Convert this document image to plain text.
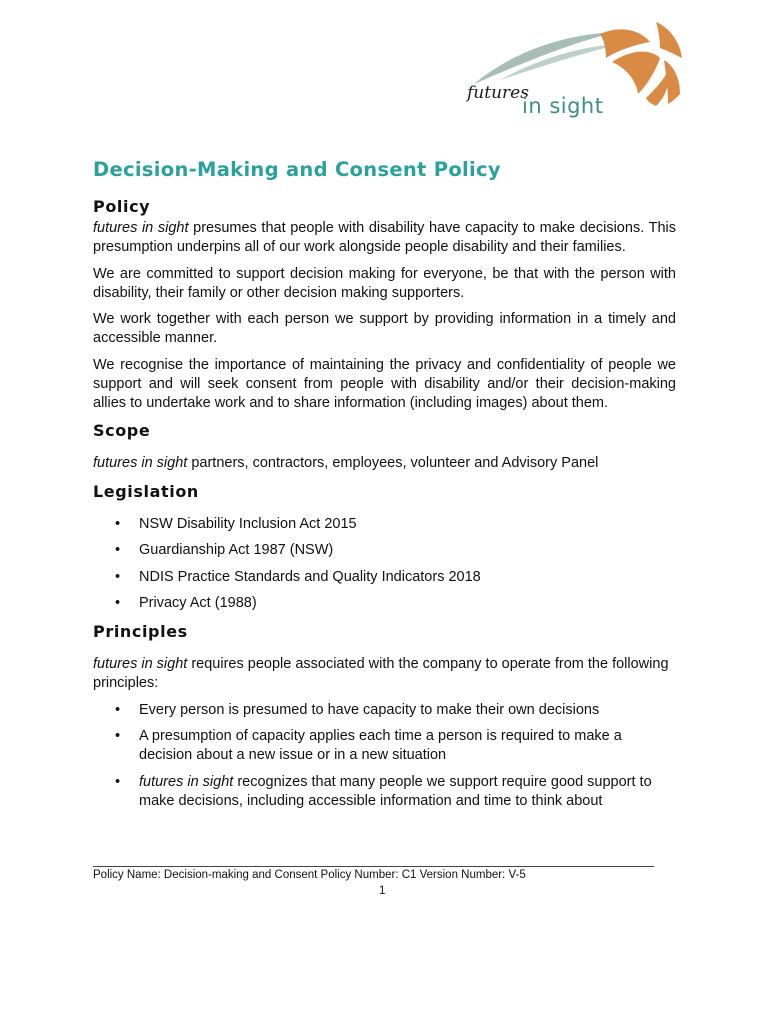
futures
in sight
Decision-Making and Consent Policy
Policy

futures in sight presumes that people with disability have capacity to make decisions. This presumption underpins all of our work alongside people disability and their families.

We are committed to support decision making for everyone, be that with the person with disability, their family or other decision making supporters.

We work together with each person we support by providing information in a timely and accessible manner.

We recognise the importance of maintaining the privacy and confidentiality of people we support and will seek consent from people with disability and/or their decision-making allies to undertake work and to share information (including images) about them.

Scope

futures in sight partners, contractors, employees, volunteer and Advisory Panel

Legislation
• NSW Disability Inclusion Act 2015
• Guardianship Act 1987 (NSW)
• NDIS Practice Standards and Quality Indicators 2018
• Privacy Act (1988)
Principles

futures in sight requires people associated with the company to operate from the following principles:

• Every person is presumed to have capacity to make their own decisions
• A presumption of capacity applies each time a person is required to make a decision about a new issue or in a new situation
• futures in sight recognizes that many people we support require good support to make decisions, including accessible information and time to think about
Policy Name: Decision-making and Consent Policy Number: C1 Version Number: V-5
1
